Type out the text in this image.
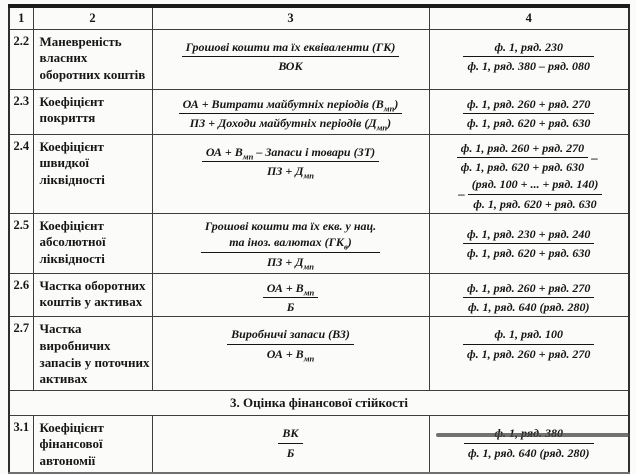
1	2	3	4
2.2	Маневреність власних оборотних коштів	$\frac{\text{Грошові кошти та їх еквіваленти (ГК)}}{\text{ВОК}}$	$\frac{\text{ф. 1, ряд. 230}}{\text{ф. 1, ряд. 380 – ряд. 080}}$

2.3	Коефіцієнт покриття	$\frac{ОА + Витрати майбутніх періодів (В_{мп})}{ПЗ + Доходи майбутніх періодів (Д_{мп})}$	$\frac{\text{ф. 1, ряд. 260 + ряд. 270}}{\text{ф. 1, ряд. 620 + ряд. 630}}$

2.4	Коефіцієнт швидкої ліквідності	$\frac{ОА + В_{мп} - Запаси і товари (ЗТ)}{ПЗ + Д_{мп}}$	$\frac{\text{ф. 1, ряд. 260 + ряд. 270}}{\text{ф. 1, ряд. 620 + ряд. 630}}$ –
– $\frac{\text{(ряд. 100 + ... + ряд. 140)}}{\text{ф. 1, ряд. 620 + ряд. 630}}$

2.5	Коефіцієнт абсолютної ліквідності	Грошові кошти та їх екв. у нац.
та іноз. валютах $(ГК_в)$
ПЗ + $Д_{мп}$	$\frac{\text{ф. 1, ряд. 230 + ряд. 240}}{\text{ф. 1, ряд. 620 + ряд. 630}}$

2.6	Частка оборотних коштів у активах	$\frac{ОА + В_{мп}}{Б}$	$\frac{\text{ф. 1, ряд. 260 + ряд. 270}}{\text{ф. 1, ряд. 640 (ряд. 280)}}$

2.7	Частка виробничих запасів у поточних активах	$\frac{\text{Виробничі запаси (ВЗ)}}{ОА + В_{мп}}$	$\frac{\text{ф. 1, ряд. 100}}{\text{ф. 1, ряд. 260 + ряд. 270}}$

3. Оцінка фінансової стійкості			
3.1	Коефіцієнт фінансової автономії	$\frac{ВК}{Б}$	ф. 1, ряд. 640 (ряд. 280)
